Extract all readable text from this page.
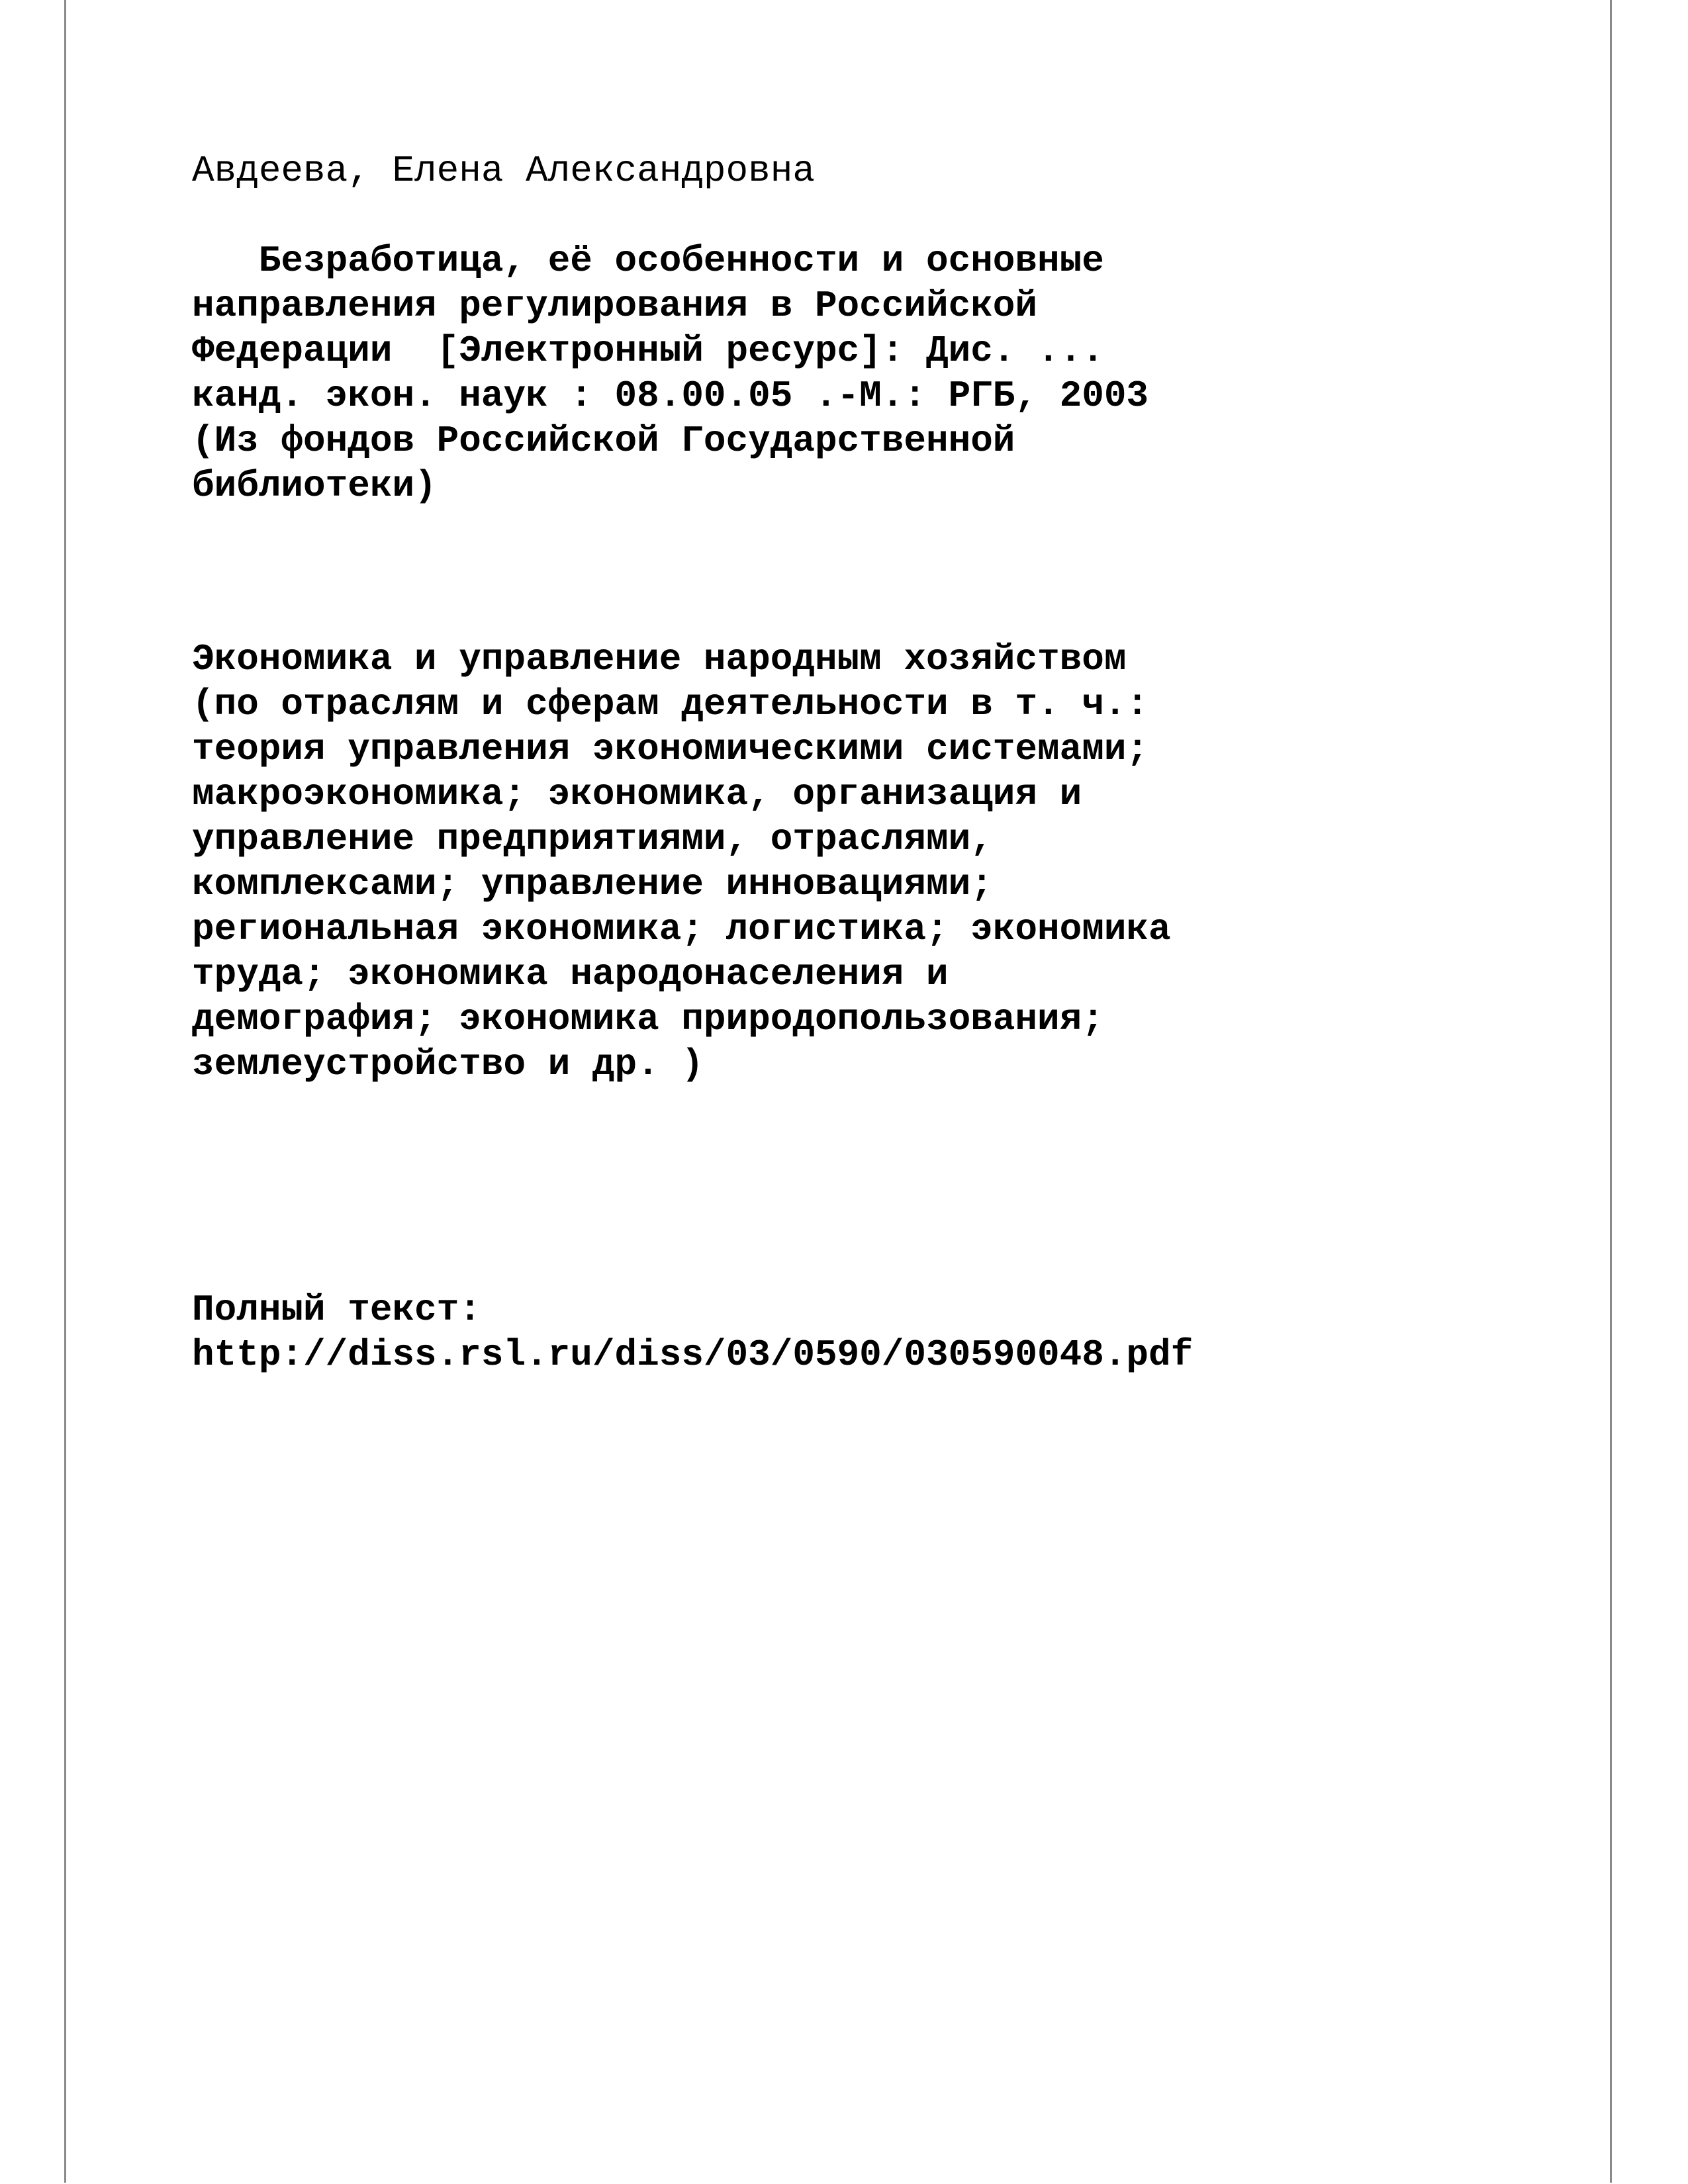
Авдеева, Елена Александровна

Безработица, её особенности и основные

направления регулирования в Российской

Федерации  [Электронный ресурс]: Дис. ...

канд. экон. наук : 08.00.05 .-М.: РГБ, 2003

(Из фондов Российской Государственной

библиотеки)

Экономика и управление народным хозяйством

(по отраслям и сферам деятельности в т. ч.:

теория управления экономическими системами;

макроэкономика; экономика, организация и

управление предприятиями, отраслями,

комплексами; управление инновациями;

региональная экономика; логистика; экономика

труда; экономика народонаселения и

демография; экономика природопользования;

землеустройство и др. )

Полный текст:

http://diss.rsl.ru/diss/03/0590/030590048.pdf
